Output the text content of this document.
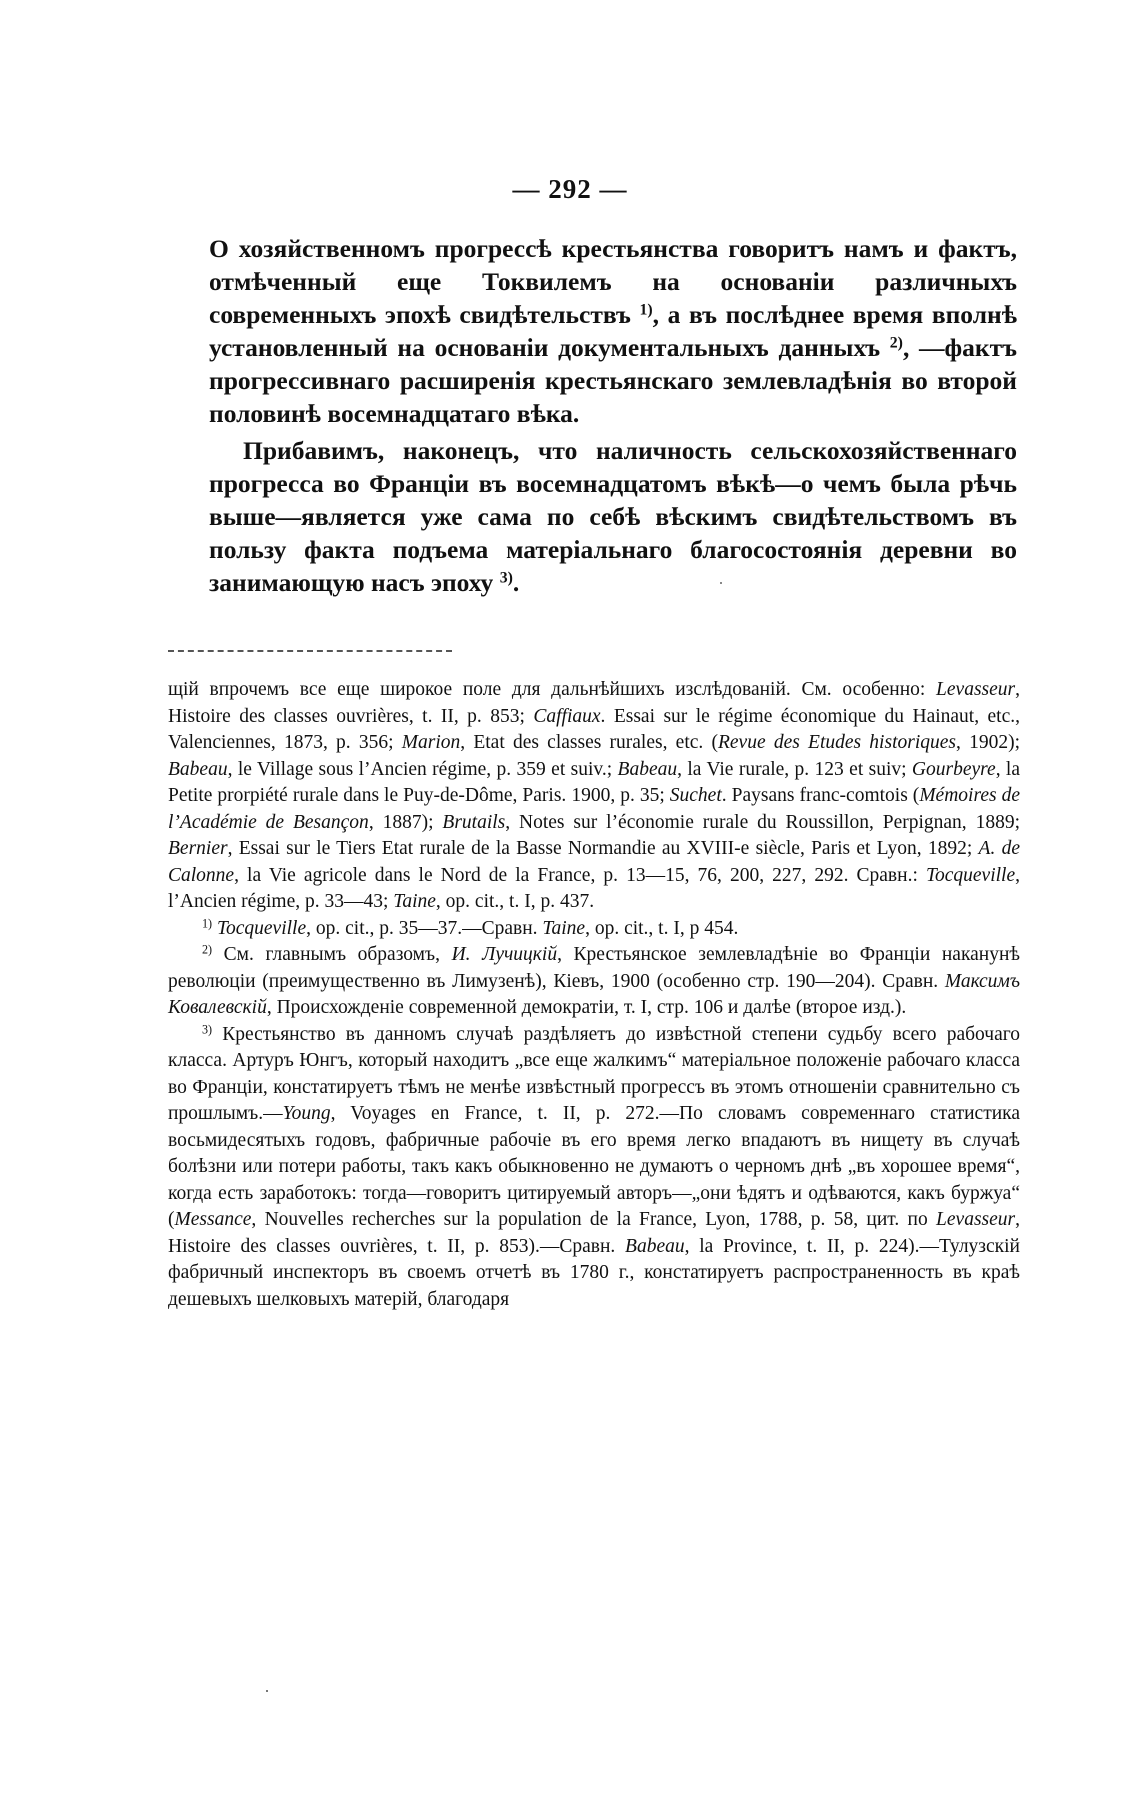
— 292 —

О хозяйственномъ прогрессѣ крестьянства говоритъ намъ и фактъ, отмѣченный еще Токвилемъ на основаніи различныхъ современныхъ эпохѣ свидѣтельствъ $^{1)}$, а въ послѣднее время вполнѣ установленный на основаніи документальныхъ данныхъ $^{2)}$, —фактъ прогрессивнаго расширенія крестьянскаго землевладѣнія во второй половинѣ восемнадцатаго вѣка.

Прибавимъ, наконецъ, что наличность сельскохозяйственнаго прогресса во Франціи въ восемнадцатомъ вѣкѣ—о чемъ была рѣчь выше—является уже сама по себѣ вѣскимъ свидѣтельствомъ въ пользу факта подъема матеріальнаго благосостоянія деревни во занимающую насъ эпоху $^{3)}$.

щій впрочемъ все еще широкое поле для дальнѣйшихъ изслѣдованій. См. особенно: Levasseur, Histoire des classes ouvrières, t. II, p. 853; Caffiaux. Essai sur le régime économique du Hainaut, etc., Valenciennes, 1873, p. 356; Marion, Etat des classes rurales, etc. (Revue des Etudes historiques, 1902); Babeau, le Village sous l’Ancien régime, p. 359 et suiv.; Babeau, la Vie rurale, p. 123 et suiv; Gourbeyre, la Petite prorpiété rurale dans le Puy-de-Dôme, Paris. 1900, p. 35; Suchet. Paysans franc-comtois (Mémoires de l’Académie de Besançon, 1887); Brutails, Notes sur l’économie rurale du Roussillon, Perpignan, 1889; Bernier, Essai sur le Tiers Etat rurale de la Basse Normandie au XVIII-e siècle, Paris et Lyon, 1892; A. de Calonne, la Vie agricole dans le Nord de la France, p. 13—15, 76, 200, 227, 292. Сравн.: Tocqueville, l’Ancien régime, p. 33—43; Taine, op. cit., t. I, p. 437.

$^{1)}$ Tocqueville, op. cit., p. 35—37.—Сравн. Taine, op. cit., t. I, p 454.

$^{2)}$ См. главнымъ образомъ, И. Лучицкій, Крестьянское землевладѣніе во Франціи наканунѣ революціи (преимущественно въ Лимузенѣ), Кіевъ, 1900 (особенно стр. 190—204). Сравн. Максимъ Ковалевскій, Происхожденіе современной демократіи, т. I, стр. 106 и далѣе (второе изд.).

$^{3)}$ Крестьянство въ данномъ случаѣ раздѣляетъ до извѣстной степени судьбу всего рабочаго класса. Артуръ Юнгъ, который находитъ „все еще жалкимъ“ матеріальное положеніе рабочаго класса во Франціи, констатируетъ тѣмъ не менѣе извѣстный прогрессъ въ этомъ отношеніи сравнительно съ прошлымъ.—Young, Voyages en France, t. II, p. 272.—По словамъ современнаго статистика восьмидесятыхъ годовъ, фабричные рабочіе въ его время легко впадаютъ въ нищету въ случаѣ болѣзни или потери работы, такъ какъ обыкновенно не думаютъ о черномъ днѣ „въ хорошее время“, когда есть заработокъ: тогда—говоритъ цитируемый авторъ—„они ѣдятъ и одѣваются, какъ буржуа“ (Messance, Nouvelles recherches sur la population de la France, Lyon, 1788, p. 58, цит. по Levasseur, Histoire des classes ouvrières, t. II, p. 853).—Сравн. Babeau, la Province, t. II, p. 224).—Тулузскій фабричный инспекторъ въ своемъ отчетѣ въ 1780 г., констатируетъ распространенность въ краѣ дешевыхъ шелковыхъ матерій, благодаря
